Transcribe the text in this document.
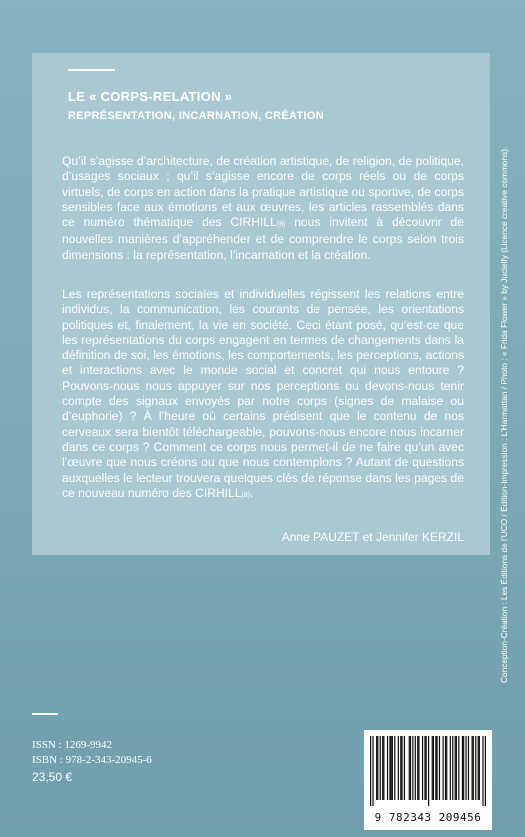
LE « CORPS-RELATION »
REPRÉSENTATION, INCARNATION, CRÉATION

Qu’il s’agisse d’architecture, de création artistique, de religion, de politique, d’usages sociaux ; qu’il s’agisse encore de corps réels ou de corps virtuels, de corps en action dans la pratique artistique ou sportive, de corps sensibles face aux émotions et aux œuvres, les articles rassemblés dans ce numéro thématique des CIRHILL(8) nous invitent à découvrir de nouvelles manières d’appréhender et de comprendre le corps selon trois dimensions : la représentation, l’incarnation et la création.

Les représentations sociales et individuelles régissent les relations entre individus, la communication, les courants de pensée, les orientations politiques et, finalement, la vie en société. Ceci étant posé, qu’est-ce que les représentations du corps engagent en termes de changements dans la définition de soi, les émotions, les comportements, les perceptions, actions et interactions avec le monde social et concret qui nous entoure ? Pouvons-nous nous appuyer sur nos perceptions ou devons-nous tenir compte des signaux envoyés par notre corps (signes de malaise ou d’euphorie) ? À l’heure où certains prédisent que le contenu de nos cerveaux sera bientôt téléchargeable, pouvons-nous encore nous incarner dans ce corps ? Comment ce corps nous permet-il de ne faire qu’un avec l’œuvre que nous créons ou que nous contemplons ? Autant de questions auxquelles le lecteur trouvera quelques clés de réponse dans les pages de ce nouveau numéro des CIRHILL(8).

Anne PAUZET et Jennifer KERZIL	Conception-Création : Les Éditions de l’UCO / Édition-Impression : L’Harmattan / Photo : « Frida Flower » by Jucielfy (Licence creative commons).
ISSN : 1269-9942
ISBN : 978-2-343-20945-6
23,50 €
9 782343 209456
